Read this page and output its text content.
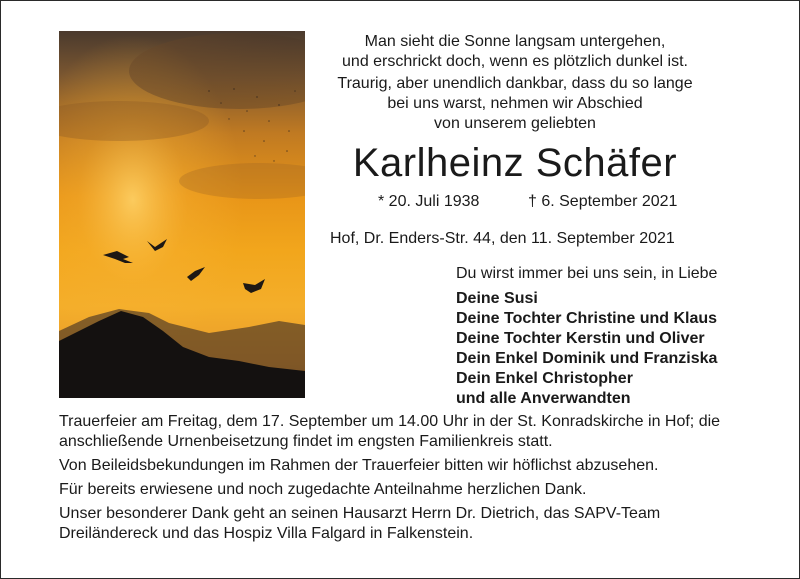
Man sieht die Sonne langsam untergehen,
und erschrickt doch, wenn es plötzlich dunkel ist.
Traurig, aber unendlich dankbar, dass du so lange
bei uns warst, nehmen wir Abschied
von unserem geliebten
Karlheinz Schäfer
* 20. Juli 1938	† 6. September 2021
Hof, Dr. Enders-Str. 44, den 11. September 2021
Du wirst immer bei uns sein, in Liebe
Deine Susi
Deine Tochter Christine und Klaus
Deine Tochter Kerstin und Oliver
Dein Enkel Dominik und Franziska
Dein Enkel Christopher
und alle Anverwandten

Trauerfeier am Freitag, dem 17. September um 14.00 Uhr in der St. Konradskirche in Hof; die anschließende Urnenbeisetzung findet im engsten Familienkreis statt.

Von Beileidsbekundungen im Rahmen der Trauerfeier bitten wir höflichst abzusehen.

Für bereits erwiesene und noch zugedachte Anteilnahme herzlichen Dank.

Unser besonderer Dank geht an seinen Hausarzt Herrn Dr. Dietrich, das SAPV-Team Dreiländereck und das Hospiz Villa Falgard in Falkenstein.
